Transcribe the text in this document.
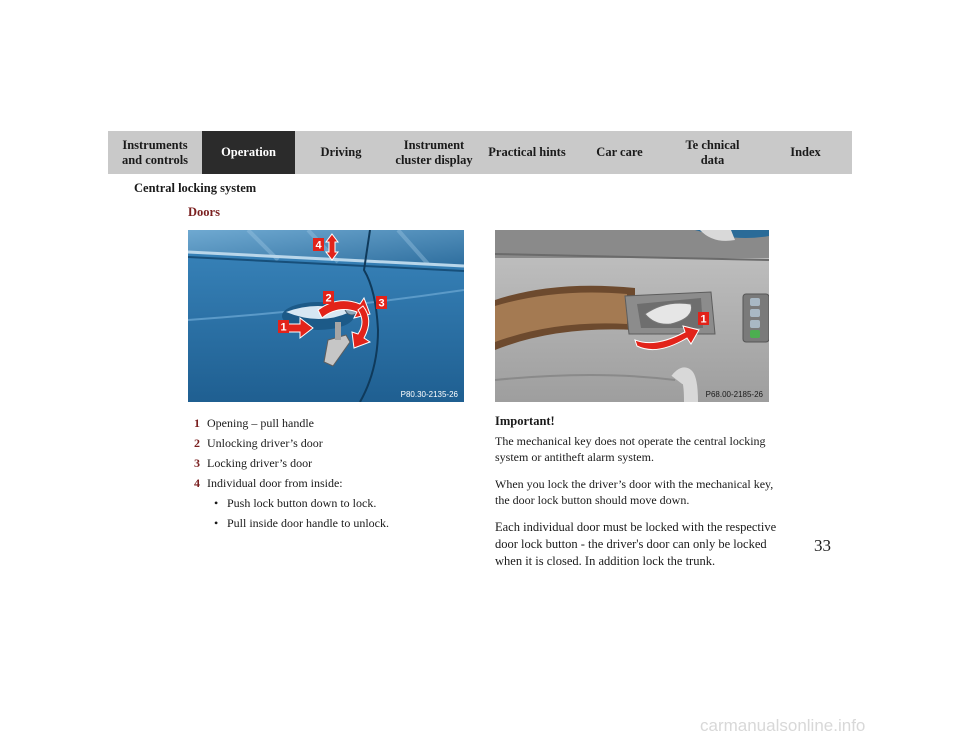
Instruments
and controls
Operation	Driving
Instrument
cluster display
Practical hints	Car care
Te chnical
data
Index
Central locking system
Doors
1
2	3
4
P80.30-2135-26
1
P68.00-2185-26
1 Opening – pull handle
2 Unlocking driver’s door
3 Locking driver’s door
4 Individual door from inside:
• Push lock button down to lock.
• Pull inside door handle to unlock.
Important!

The mechanical key does not operate the central locking system or antitheft alarm system.

When you lock the driver’s door with the mechanical key, the door lock button should move down.

Each individual door must be locked with the respective door lock button - the driver's door can only be locked when it is closed. In addition lock the trunk.

33
carmanualsonline.info
